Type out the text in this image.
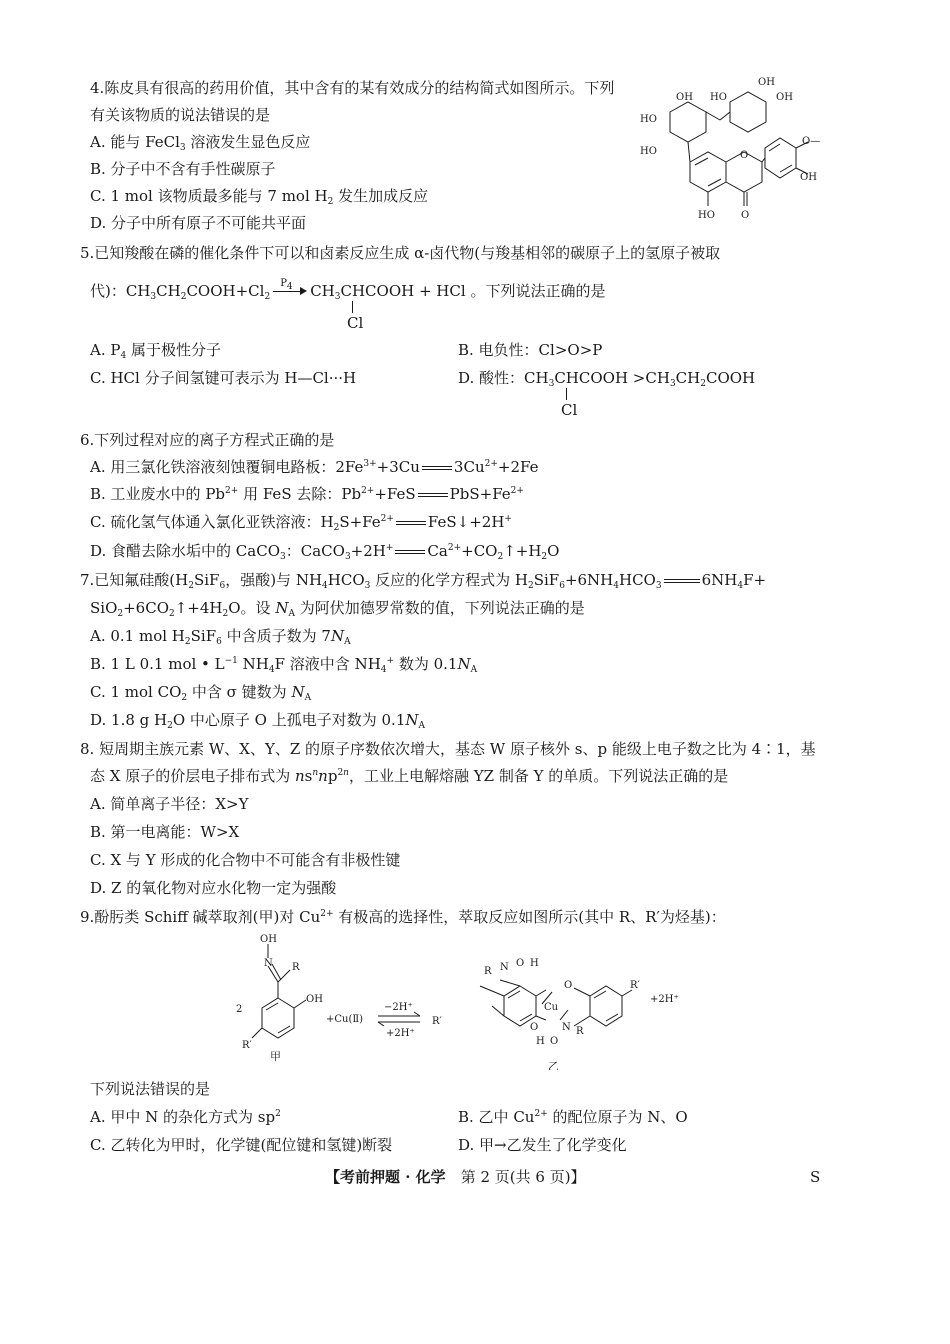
4.陈皮具有很高的药用价值，其中含有的某有效成分的结构简式如图所示。下列
有关该物质的说法错误的是
A. 能与 FeCl$_3$ 溶液发生显色反应
B. 分子中不含有手性碳原子
C. 1 mol 该物质最多能与 7 mol $H_2$ 发生加成反应
D. 分子中所有原子不可能共平面
OH HO
OH
OH
HO
HO	O
O—
OH
HO	O
5.已知羧酸在磷的催化条件下可以和卤素反应生成 α-卤代物(与羧基相邻的碳原子上的氢原子被取
代)：$CH_3CH_2COOH+Cl_2$
$P_4$ $CH_3CHCOOH$ + HCl 。下列说法正确的是
Cl
A. $P_4$ 属于极性分子	B. 电负性：Cl>O>P
C. HCl 分子间氢键可表示为 H—Cl···H	D. 酸性：$CH_3CHCOOH$ $>CH_3CH_2COOH$
Cl
6.下列过程对应的离子方程式正确的是
A. 用三氯化铁溶液刻蚀覆铜电路板：$2Fe^{3+}+3Cu$ $3Cu^{2+}+2Fe$
B. 工业废水中的 $Pb^{2+}$ 用 FeS 去除：$Pb^{2+}+FeS$ $PbS+Fe^{2+}$
C. 硫化氢气体通入氯化亚铁溶液：$H_2S+Fe^{2+}$ FeS↓+2H+
D. 食醋去除水垢中的 CaCO$_3$：CaCO$_3$+2H+ $Ca^{2+}+CO_2↑+H_2O$
7.已知氟硅酸($H_2SiF_6$，强酸)与 $NH_4HCO_3$ 反应的化学方程式为 $H_2SiF_6+6NH_4HCO_3$	$6NH_4F+$
$SiO_2+6CO_2↑+4H_2O$。设 $N_A$ 为阿伏加德罗常数的值，下列说法正确的是
A. 0.1 mol $H_2SiF_6$ 中含质子数为 $7N_A$
B. 1 L 0.1 mol • $L^{-1}$ $NH_4F$ 溶液中含 $NH_4^+$ 数为 $0.1N_A$
C. 1 mol $CO_2$ 中含 σ 键数为 $N_A$
D. 1.8 g $H_2O$ 中心原子 O 上孤电子对数为 $0.1N_A$
8. 短周期主族元素 W、X、Y、Z 的原子序数依次增大，基态 W 原子核外 s、p 能级上电子数之比为 4∶1，基
态 X 原子的价层电子排布式为 $ns^nnp^{2n}$，工业上电解熔融 YZ 制备 Y 的单质。下列说法正确的是
A. 简单离子半径：X>Y
B. 第一电离能：W>X
C. X 与 Y 形成的化合物中不可能含有非极性键
D. Z 的氧化物对应水化物一定为强酸
9.酚肟类 Schiff 碱萃取剂(甲)对 $Cu^{2+}$ 有极高的选择性，萃取反应如图所示(其中 R、R′为烃基)：
OH
N R
OH
2
R′
甲
+Cu(Ⅱ)
−2H⁺
+2H⁺
R′
R N O H
Cu
O
H O
N R
O	R′
+2H⁺
乙
下列说法错误的是
A. 甲中 N 的杂化方式为 $sp^2$	B. 乙中 $Cu^{2+}$ 的配位原子为 N、O
C. 乙转化为甲时，化学键(配位键和氢键)断裂	D. 甲→乙发生了化学变化
【考前押题 · 化学　第 2 页(共 6 页)】	S
